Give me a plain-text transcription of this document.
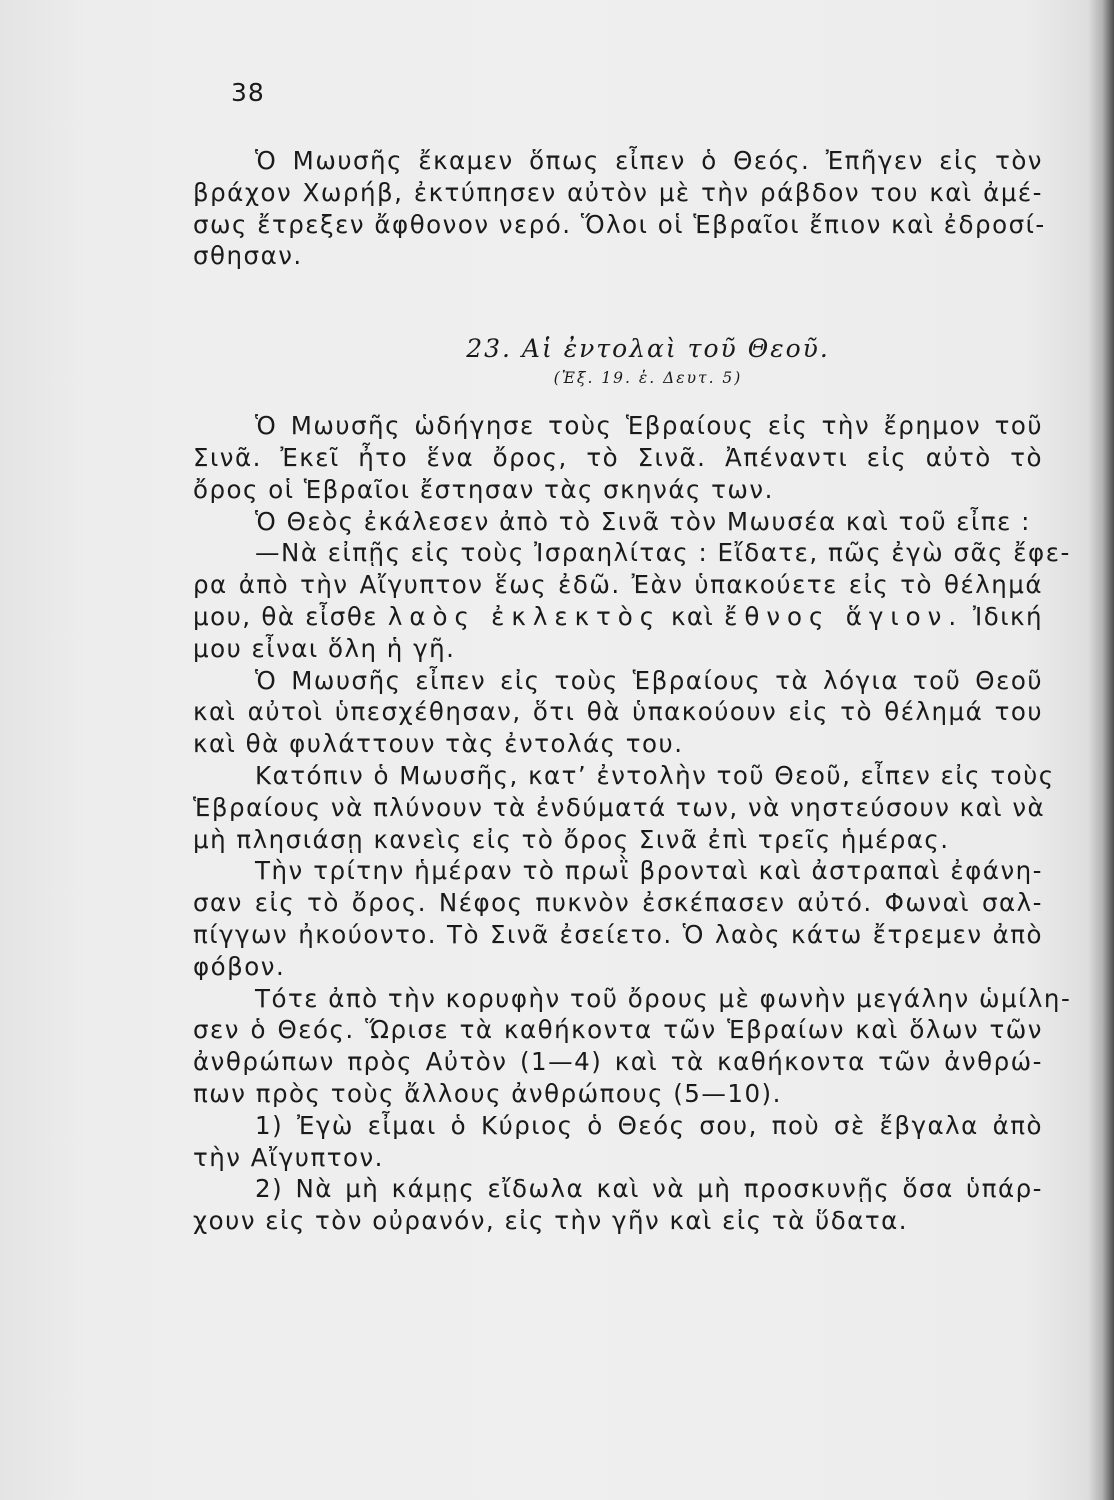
38
Ὁ Μωυσῆς ἔκαμεν ὅπως εἶπεν ὁ Θεός. Ἐπῆγεν εἰς τὸν
βράχον Χωρήβ, ἐκτύπησεν αὐτὸν μὲ τὴν ράβδον του καὶ ἀμέ-
σως ἔτρεξεν ἄφθονον νερό. Ὅλοι οἱ Ἑβραῖοι ἔπιον καὶ ἐδροσί-
σθησαν.
23. Αἱ ἐντολαὶ τοῦ Θεοῦ.
(Ἐξ. 19. ἑ. Δευτ. 5)
Ὁ Μωυσῆς ὡδήγησε τοὺς Ἑβραίους εἰς τὴν ἔρημον τοῦ
Σινᾶ. Ἐκεῖ ἦτο ἕνα ὄρος, τὸ Σινᾶ. Ἀπέναντι εἰς αὐτὸ τὸ
ὄρος οἱ Ἑβραῖοι ἔστησαν τὰς σκηνάς των.
Ὁ Θεὸς ἐκάλεσεν ἀπὸ τὸ Σινᾶ τὸν Μωυσέα καὶ τοῦ εἶπε :
—Νὰ εἰπῇς εἰς τοὺς Ἰσραηλίτας : Εἴδατε, πῶς ἐγὼ σᾶς ἔφε-
ρα ἀπὸ τὴν Αἴγυπτον ἕως ἐδῶ. Ἐὰν ὑπακούετε εἰς τὸ θέλημά
μου, θὰ εἶσθε λαὸς ἐκλεκτὸς καὶ ἔθνος ἅγιον. Ἰδική
μου εἶναι ὅλη ἡ γῆ.
Ὁ Μωυσῆς εἶπεν εἰς τοὺς Ἑβραίους τὰ λόγια τοῦ Θεοῦ
καὶ αὐτοὶ ὑπεσχέθησαν, ὅτι θὰ ὑπακούουν εἰς τὸ θέλημά του
καὶ θὰ φυλάττουν τὰς ἐντολάς του.
Κατόπιν ὁ Μωυσῆς, κατ’ ἐντολὴν τοῦ Θεοῦ, εἶπεν εἰς τοὺς
Ἑβραίους νὰ πλύνουν τὰ ἐνδύματά των, νὰ νηστεύσουν καὶ νὰ
μὴ πλησιάσῃ κανεὶς εἰς τὸ ὄρος Σινᾶ ἐπὶ τρεῖς ἡμέρας.
Τὴν τρίτην ἡμέραν τὸ πρωῒ βρονταὶ καὶ ἀστραπαὶ ἐφάνη-
σαν εἰς τὸ ὄρος. Νέφος πυκνὸν ἐσκέπασεν αὐτό. Φωναὶ σαλ-
πίγγων ἠκούοντο. Τὸ Σινᾶ ἐσείετο. Ὁ λαὸς κάτω ἔτρεμεν ἀπὸ
φόβον.
Τότε ἀπὸ τὴν κορυφὴν τοῦ ὄρους μὲ φωνὴν μεγάλην ὡμίλη-
σεν ὁ Θεός. Ὥρισε τὰ καθήκοντα τῶν Ἑβραίων καὶ ὅλων τῶν
ἀνθρώπων πρὸς Αὐτὸν (1—4) καὶ τὰ καθήκοντα τῶν ἀνθρώ-
πων πρὸς τοὺς ἄλλους ἀνθρώπους (5—10).
1) Ἐγὼ εἶμαι ὁ Κύριος ὁ Θεός σου, ποὺ σὲ ἔβγαλα ἀπὸ
τὴν Αἴγυπτον.
2) Νὰ μὴ κάμῃς εἴδωλα καὶ νὰ μὴ προσκυνῇς ὅσα ὑπάρ-
χουν εἰς τὸν οὐρανόν, εἰς τὴν γῆν καὶ εἰς τὰ ὕδατα.
